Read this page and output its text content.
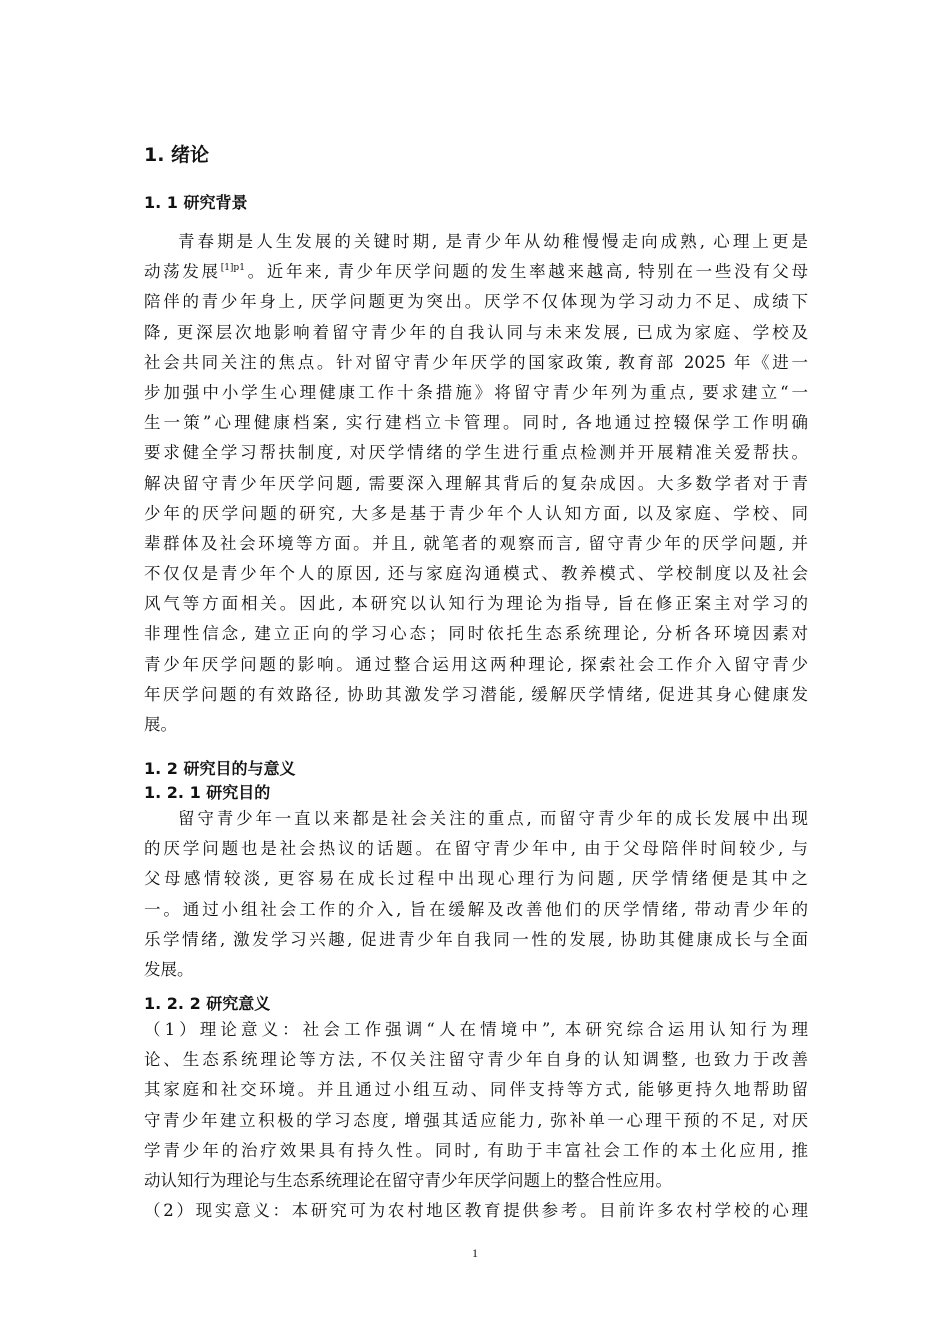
1. 绪论
1. 1 研究背景
青春期是人生发展的关键时期, 是青少年从幼稚慢慢走向成熟, 心理上更是
动荡发展$^{[1]p1}$。近年来, 青少年厌学问题的发生率越来越高, 特别在一些没有父母
陪伴的青少年身上, 厌学问题更为突出。厌学不仅体现为学习动力不足、成绩下
降, 更深层次地影响着留守青少年的自我认同与未来发展, 已成为家庭、学校及
社会共同关注的焦点。针对留守青少年厌学的国家政策, 教育部 2025 年《进一
步加强中小学生心理健康工作十条措施》将留守青少年列为重点, 要求建立“一
生一策”心理健康档案, 实行建档立卡管理。同时, 各地通过控辍保学工作明确
要求健全学习帮扶制度, 对厌学情绪的学生进行重点检测并开展精准关爱帮扶。
解决留守青少年厌学问题, 需要深入理解其背后的复杂成因。大多数学者对于青
少年的厌学问题的研究, 大多是基于青少年个人认知方面, 以及家庭、学校、同
辈群体及社会环境等方面。并且, 就笔者的观察而言, 留守青少年的厌学问题, 并
不仅仅是青少年个人的原因, 还与家庭沟通模式、教养模式、学校制度以及社会
风气等方面相关。因此, 本研究以认知行为理论为指导, 旨在修正案主对学习的
非理性信念, 建立正向的学习心态；同时依托生态系统理论, 分析各环境因素对
青少年厌学问题的影响。通过整合运用这两种理论, 探索社会工作介入留守青少
年厌学问题的有效路径, 协助其激发学习潜能, 缓解厌学情绪, 促进其身心健康发
展。
1. 2 研究目的与意义
1. 2. 1 研究目的
留守青少年一直以来都是社会关注的重点, 而留守青少年的成长发展中出现
的厌学问题也是社会热议的话题。在留守青少年中, 由于父母陪伴时间较少, 与
父母感情较淡, 更容易在成长过程中出现心理行为问题, 厌学情绪便是其中之
一。通过小组社会工作的介入, 旨在缓解及改善他们的厌学情绪, 带动青少年的
乐学情绪, 激发学习兴趣, 促进青少年自我同一性的发展, 协助其健康成长与全面
发展。
1. 2. 2 研究意义
（1）理论意义：社会工作强调“人在情境中”, 本研究综合运用认知行为理
论、生态系统理论等方法, 不仅关注留守青少年自身的认知调整, 也致力于改善
其家庭和社交环境。并且通过小组互动、同伴支持等方式, 能够更持久地帮助留
守青少年建立积极的学习态度, 增强其适应能力, 弥补单一心理干预的不足, 对厌
学青少年的治疗效果具有持久性。同时, 有助于丰富社会工作的本土化应用, 推
动认知行为理论与生态系统理论在留守青少年厌学问题上的整合性应用。
（2）现实意义：本研究可为农村地区教育提供参考。目前许多农村学校的心理
1
